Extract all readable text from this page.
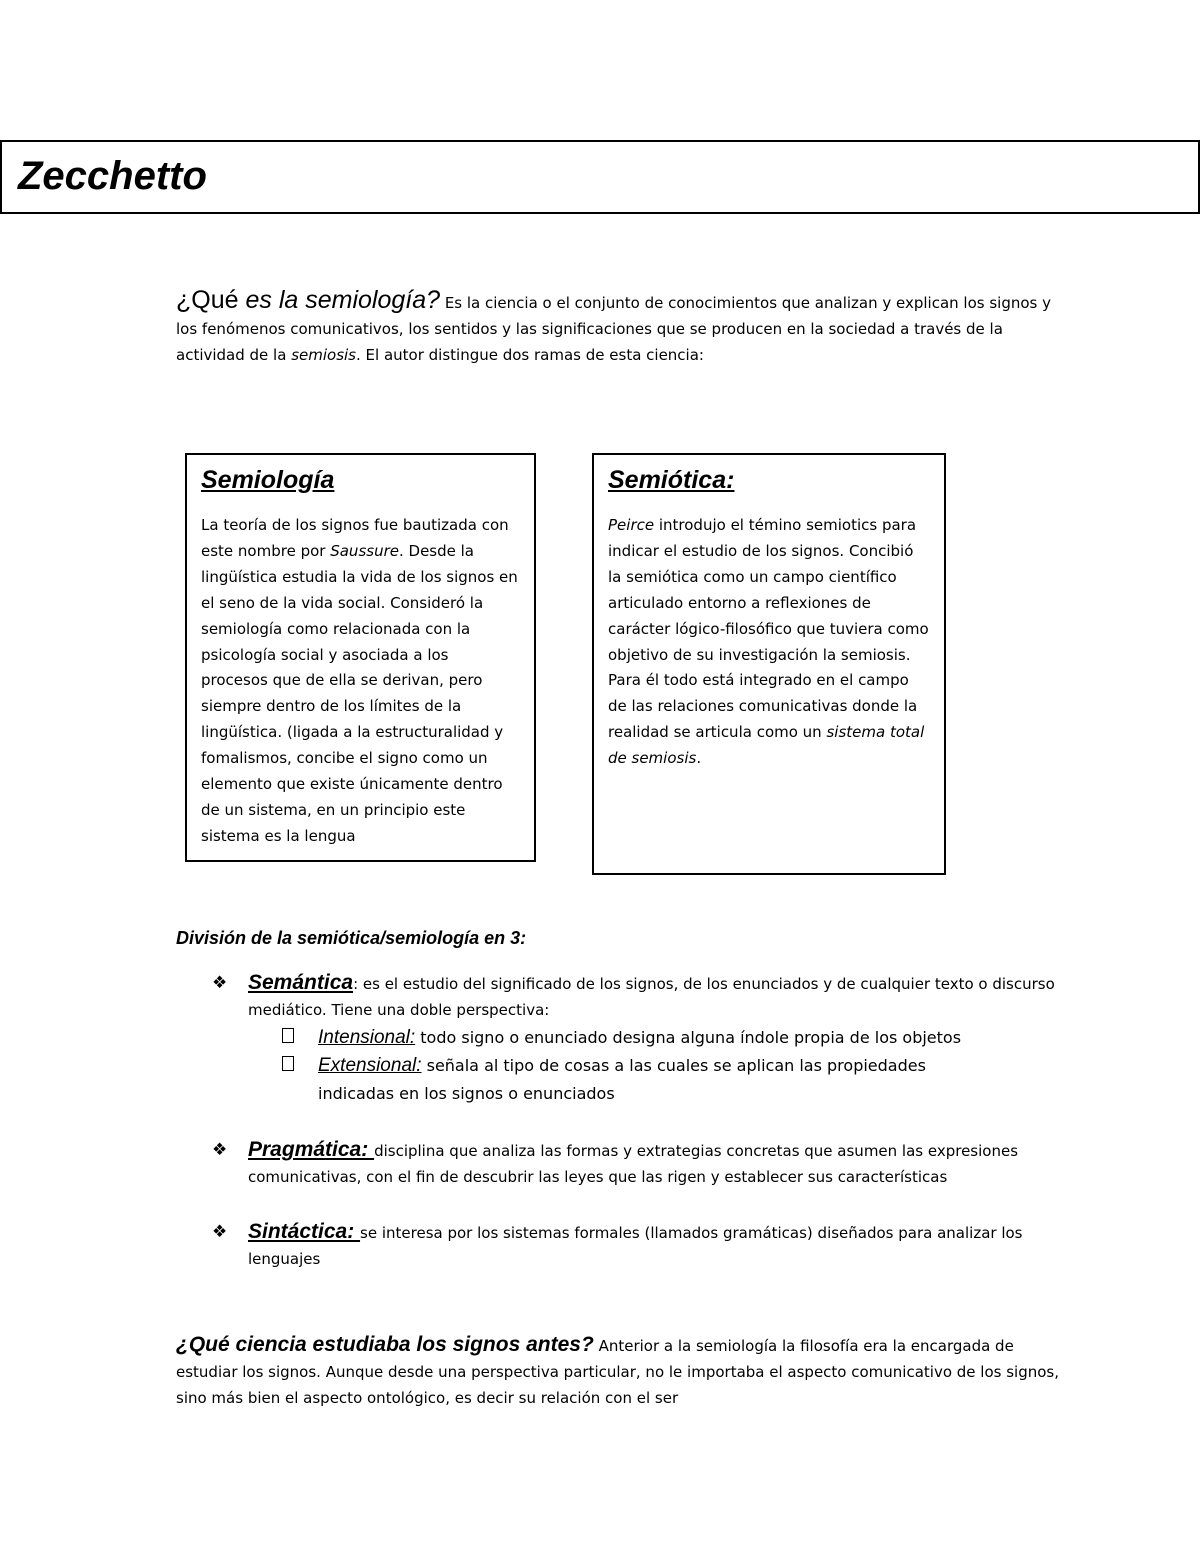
Zecchetto
¿Qué es la semiología? Es la ciencia o el conjunto de conocimientos que analizan y explican los signos y los fenómenos comunicativos, los sentidos y las significaciones que se producen en la sociedad a través de la actividad de la semiosis. El autor distingue dos ramas de esta ciencia:
Semiología

La teoría de los signos fue bautizada con este nombre por Saussure. Desde la lingüística estudia la vida de los signos en el seno de la vida social. Consideró la semiología como relacionada con la psicología social y asociada a los procesos que de ella se derivan, pero siempre dentro de los límites de la lingüística. (ligada a la estructuralidad y fomalismos, concibe el signo como un elemento que existe únicamente dentro de un sistema, en un principio este sistema es la lengua

Semiótica:

Peirce introdujo el témino semiotics para indicar el estudio de los signos. Concibió la semiótica como un campo científico articulado entorno a reflexiones de carácter lógico-filosófico que tuviera como objetivo de su investigación la semiosis. Para él todo está integrado en el campo de las relaciones comunicativas donde la realidad se articula como un sistema total de semiosis.

División de la semiótica/semiología en 3:
❖ Semántica: es el estudio del significado de los signos, de los enunciados y de cualquier texto o discurso mediático. Tiene una doble perspectiva:
Intensional: todo signo o enunciado designa alguna índole propia de los objetos
Extensional: señala al tipo de cosas a las cuales se aplican las propiedades indicadas en los signos o enunciados
❖ Pragmática: disciplina que analiza las formas y extrategias concretas que asumen las expresiones comunicativas, con el fin de descubrir las leyes que las rigen y establecer sus características
❖ Sintáctica: se interesa por los sistemas formales (llamados gramáticas) diseñados para analizar los lenguajes
¿Qué ciencia estudiaba los signos antes? Anterior a la semiología la filosofía era la encargada de estudiar los signos. Aunque desde una perspectiva particular, no le importaba el aspecto comunicativo de los signos, sino más bien el aspecto ontológico, es decir su relación con el ser
